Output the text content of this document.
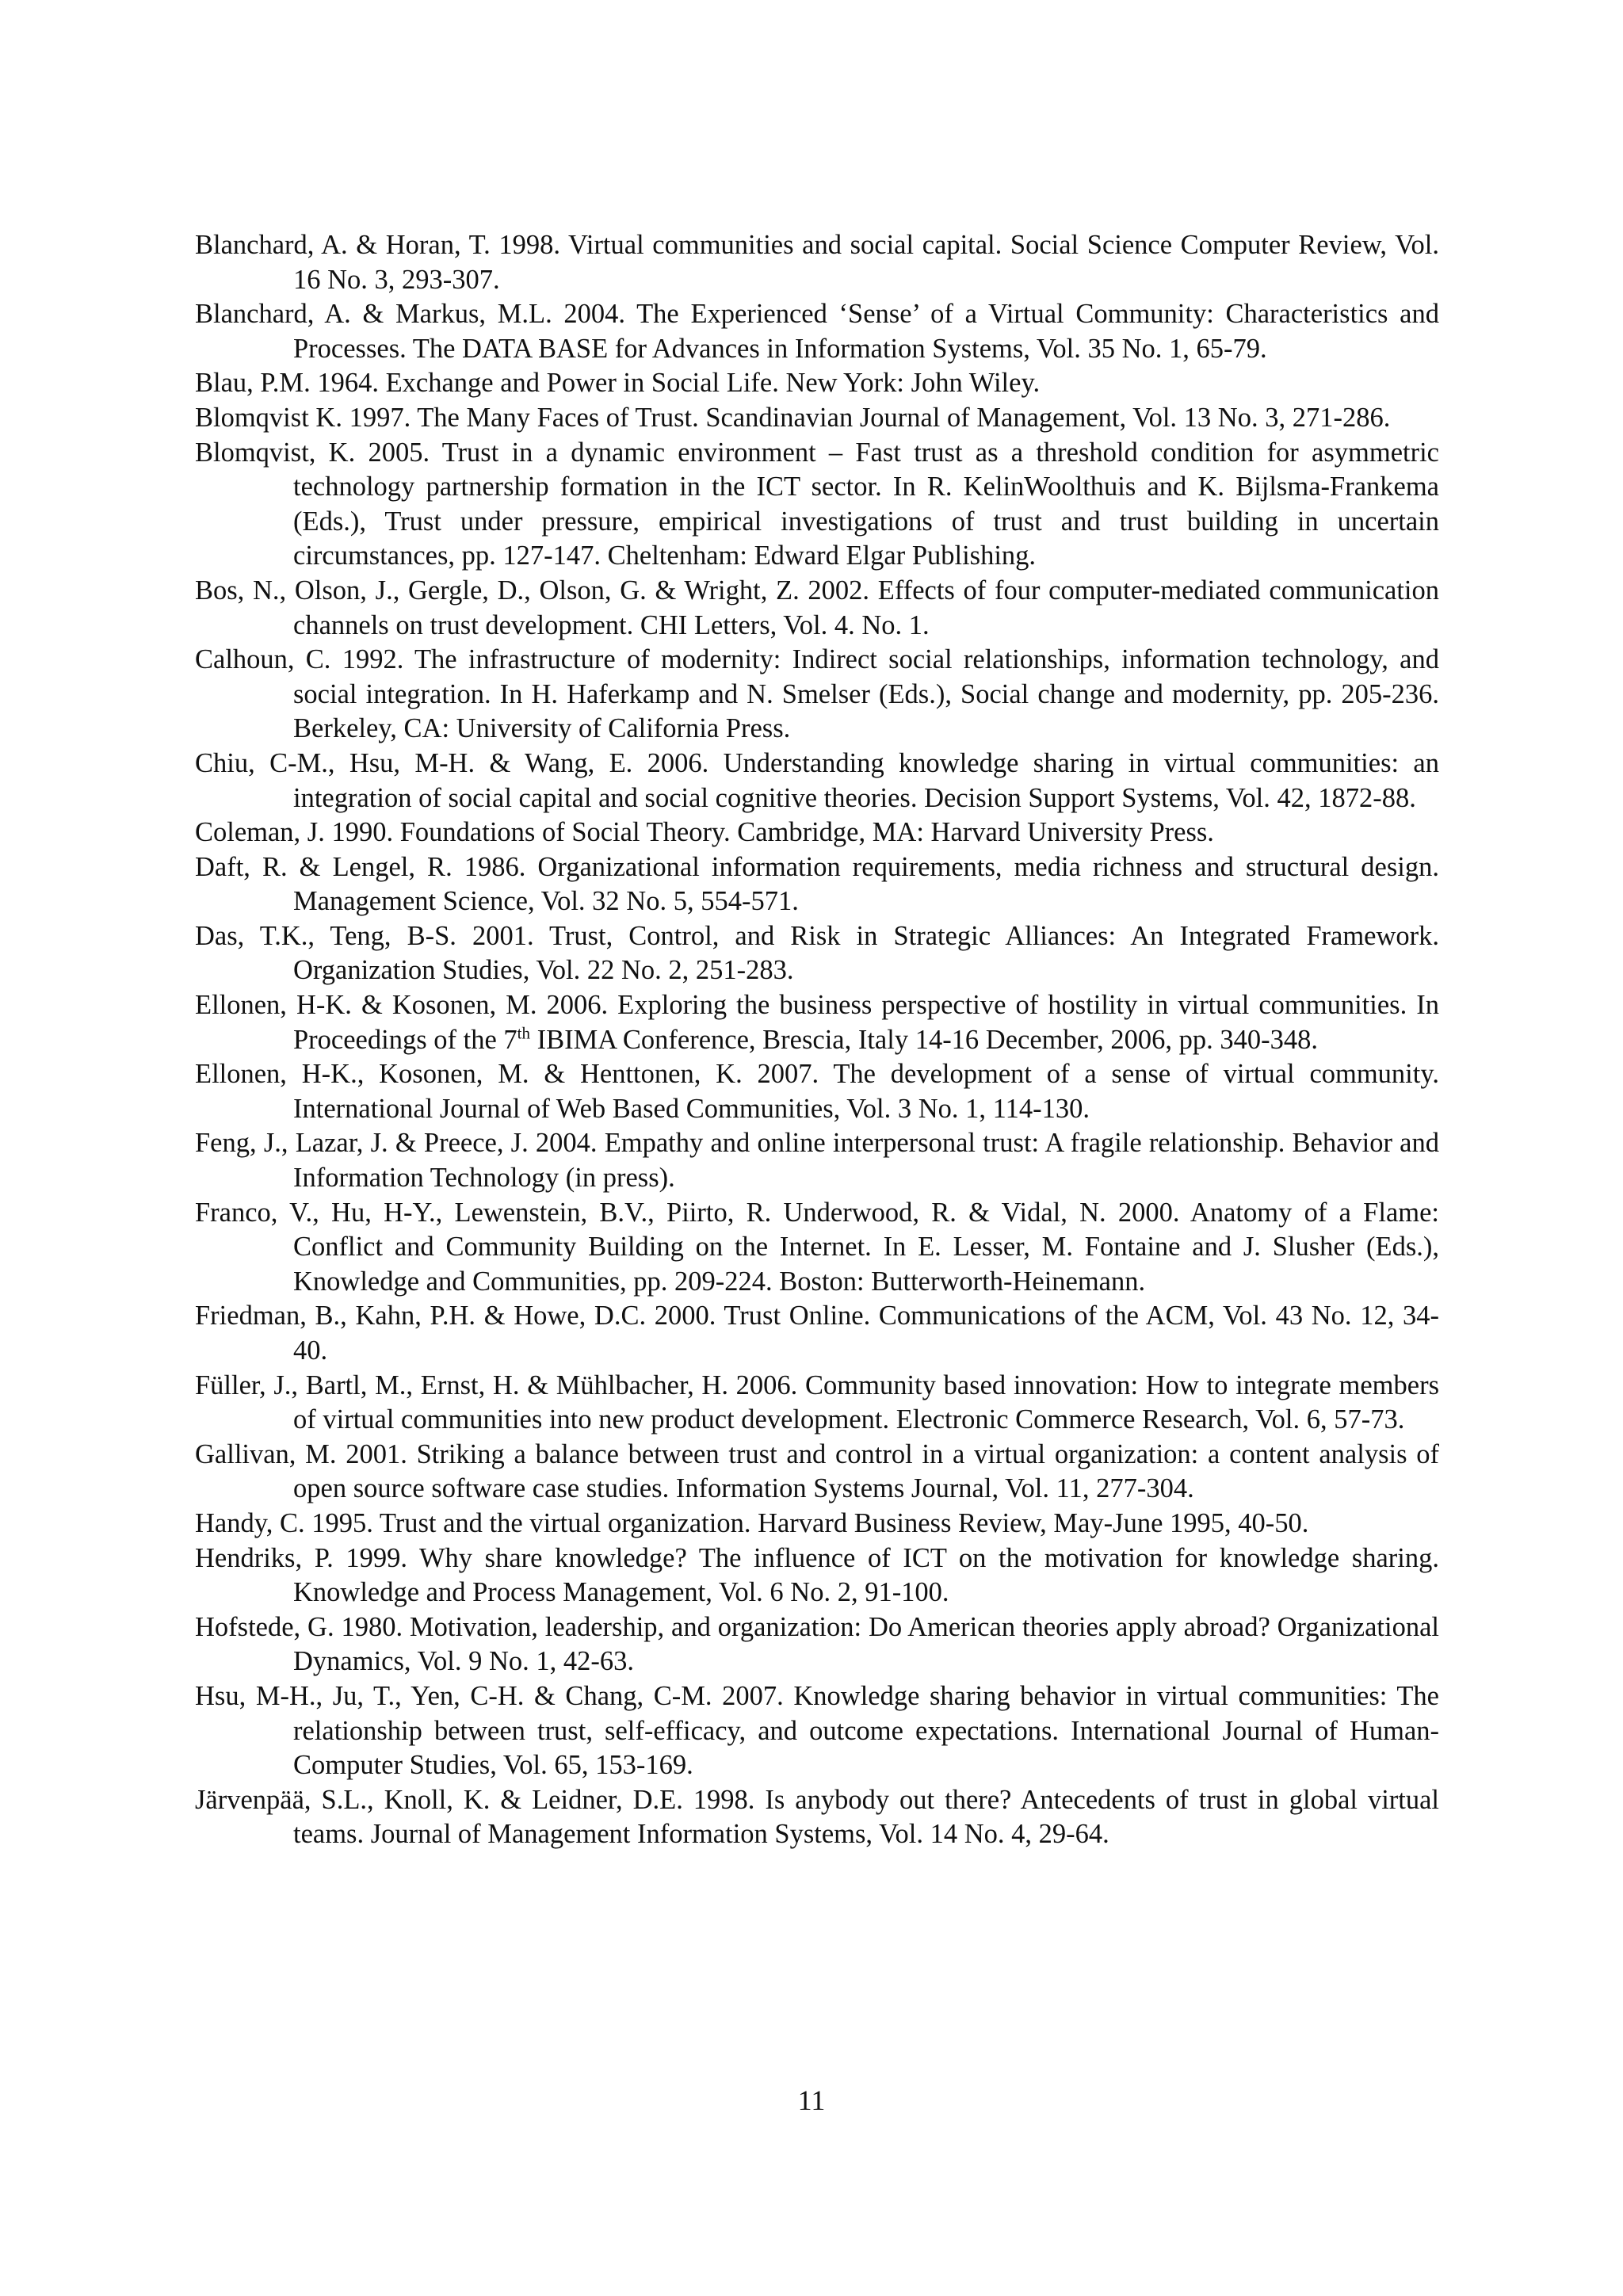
Blanchard, A. & Horan, T. 1998. Virtual communities and social capital. Social Science Computer Review, Vol. 16 No. 3, 293-307.
Blanchard, A. & Markus, M.L. 2004. The Experienced ‘Sense’ of a Virtual Community: Characteristics and Processes. The DATA BASE for Advances in Information Systems, Vol. 35 No. 1, 65-79.
Blau, P.M. 1964. Exchange and Power in Social Life. New York: John Wiley.
Blomqvist K. 1997. The Many Faces of Trust. Scandinavian Journal of Management, Vol. 13 No. 3, 271-286.
Blomqvist, K. 2005. Trust in a dynamic environment – Fast trust as a threshold condition for asymmetric technology partnership formation in the ICT sector. In R. KelinWoolthuis and K. Bijlsma-Frankema (Eds.), Trust under pressure, empirical investigations of trust and trust building in uncertain circumstances, pp. 127-147. Cheltenham: Edward Elgar Publishing.
Bos, N., Olson, J., Gergle, D., Olson, G. & Wright, Z. 2002. Effects of four computer-mediated communication channels on trust development. CHI Letters, Vol. 4. No. 1.
Calhoun, C. 1992. The infrastructure of modernity: Indirect social relationships, information technology, and social integration. In H. Haferkamp and N. Smelser (Eds.), Social change and modernity, pp. 205-236. Berkeley, CA: University of California Press.
Chiu, C-M., Hsu, M-H. & Wang, E. 2006. Understanding knowledge sharing in virtual communities: an integration of social capital and social cognitive theories. Decision Support Systems, Vol. 42, 1872-88.
Coleman, J. 1990. Foundations of Social Theory. Cambridge, MA: Harvard University Press.
Daft, R. & Lengel, R. 1986. Organizational information requirements, media richness and structural design. Management Science, Vol. 32 No. 5, 554-571.
Das, T.K., Teng, B-S. 2001. Trust, Control, and Risk in Strategic Alliances: An Integrated Framework. Organization Studies, Vol. 22 No. 2, 251-283.
Ellonen, H-K. & Kosonen, M. 2006. Exploring the business perspective of hostility in virtual communities. In Proceedings of the 7th IBIMA Conference, Brescia, Italy 14-16 December, 2006, pp. 340-348.
Ellonen, H-K., Kosonen, M. & Henttonen, K. 2007. The development of a sense of virtual community. International Journal of Web Based Communities, Vol. 3 No. 1, 114-130.
Feng, J., Lazar, J. & Preece, J. 2004. Empathy and online interpersonal trust: A fragile relationship. Behavior and Information Technology (in press).
Franco, V., Hu, H-Y., Lewenstein, B.V., Piirto, R. Underwood, R. & Vidal, N. 2000. Anatomy of a Flame: Conflict and Community Building on the Internet. In E. Lesser, M. Fontaine and J. Slusher (Eds.), Knowledge and Communities, pp. 209-224. Boston: Butterworth-Heinemann.
Friedman, B., Kahn, P.H. & Howe, D.C. 2000. Trust Online. Communications of the ACM, Vol. 43 No. 12, 34-40.
Füller, J., Bartl, M., Ernst, H. & Mühlbacher, H. 2006. Community based innovation: How to integrate members of virtual communities into new product development. Electronic Commerce Research, Vol. 6, 57-73.
Gallivan, M. 2001. Striking a balance between trust and control in a virtual organization: a content analysis of open source software case studies. Information Systems Journal, Vol. 11, 277-304.
Handy, C. 1995. Trust and the virtual organization. Harvard Business Review, May-June 1995, 40-50.
Hendriks, P. 1999. Why share knowledge? The influence of ICT on the motivation for knowledge sharing. Knowledge and Process Management, Vol. 6 No. 2, 91-100.
Hofstede, G. 1980. Motivation, leadership, and organization: Do American theories apply abroad? Organizational Dynamics, Vol. 9 No. 1, 42-63.
Hsu, M-H., Ju, T., Yen, C-H. & Chang, C-M. 2007. Knowledge sharing behavior in virtual communities: The relationship between trust, self-efficacy, and outcome expectations. International Journal of Human-Computer Studies, Vol. 65, 153-169.
Järvenpää, S.L., Knoll, K. & Leidner, D.E. 1998. Is anybody out there? Antecedents of trust in global virtual teams. Journal of Management Information Systems, Vol. 14 No. 4, 29-64.

11
